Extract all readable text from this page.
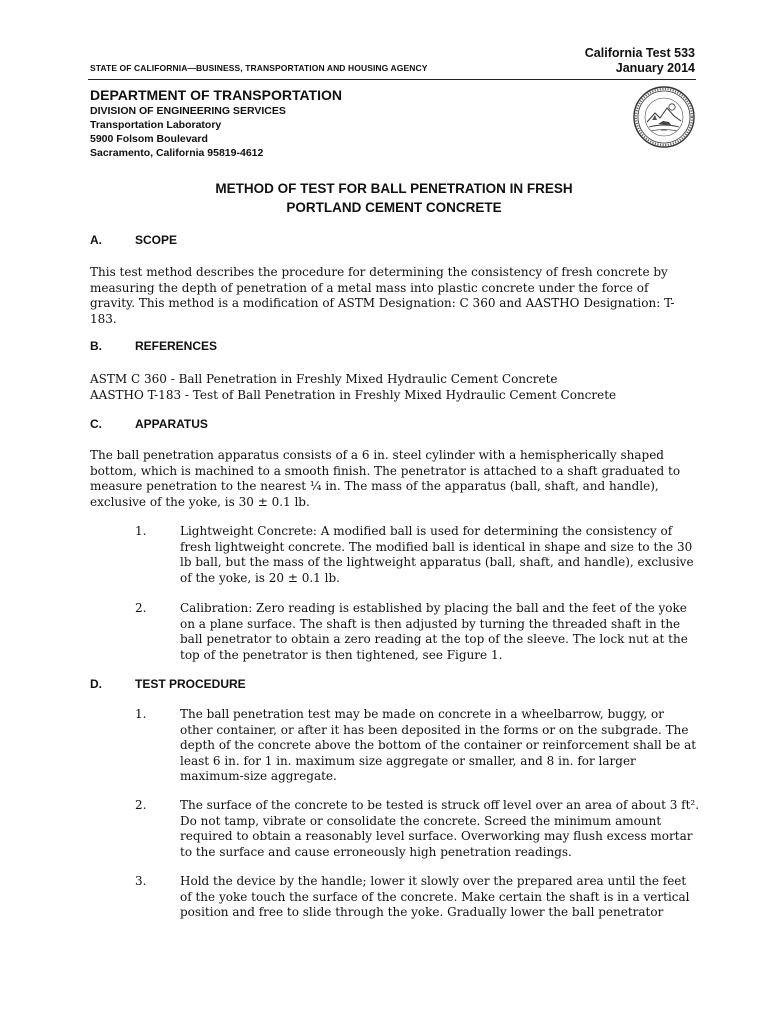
California Test 533
January 2014
STATE OF CALIFORNIA—BUSINESS, TRANSPORTATION AND HOUSING AGENCY
DEPARTMENT OF TRANSPORTATION
DIVISION OF ENGINEERING SERVICES
Transportation Laboratory
5900 Folsom Boulevard
Sacramento, California 95819-4612
METHOD OF TEST FOR BALL PENETRATION IN FRESH
PORTLAND CEMENT CONCRETE
A.	SCOPE

This test method describes the procedure for determining the consistency of fresh concrete by measuring the depth of penetration of a metal mass into plastic concrete under the force of gravity. This method is a modification of ASTM Designation: C 360 and AASTHO Designation: T-183.

B.	REFERENCES
ASTM C 360 - Ball Penetration in Freshly Mixed Hydraulic Cement Concrete
AASTHO T-183 - Test of Ball Penetration in Freshly Mixed Hydraulic Cement Concrete
C.	APPARATUS

The ball penetration apparatus consists of a 6 in. steel cylinder with a hemispherically shaped bottom, which is machined to a smooth finish. The penetrator is attached to a shaft graduated to measure penetration to the nearest ¼ in. The mass of the apparatus (ball, shaft, and handle), exclusive of the yoke, is 30 ± 0.1 lb.

1.	Lightweight Concrete: A modified ball is used for determining the consistency of fresh lightweight concrete. The modified ball is identical in shape and size to the 30 lb ball, but the mass of the lightweight apparatus (ball, shaft, and handle), exclusive of the yoke, is 20 ± 0.1 lb.

2.	Calibration: Zero reading is established by placing the ball and the feet of the yoke on a plane surface. The shaft is then adjusted by turning the threaded shaft in the ball penetrator to obtain a zero reading at the top of the sleeve. The lock nut at the top of the penetrator is then tightened, see Figure 1.

D.	TEST PROCEDURE
1.	The ball penetration test may be made on concrete in a wheelbarrow, buggy, or other container, or after it has been deposited in the forms or on the subgrade. The depth of the concrete above the bottom of the container or reinforcement shall be at least 6 in. for 1 in. maximum size aggregate or smaller, and 8 in. for larger maximum-size aggregate.

2.	The surface of the concrete to be tested is struck off level over an area of about 3 ft². Do not tamp, vibrate or consolidate the concrete. Screed the minimum amount required to obtain a reasonably level surface. Overworking may flush excess mortar to the surface and cause erroneously high penetration readings.

3.	Hold the device by the handle; lower it slowly over the prepared area until the feet of the yoke touch the surface of the concrete. Make certain the shaft is in a vertical position and free to slide through the yoke. Gradually lower the ball penetrator
